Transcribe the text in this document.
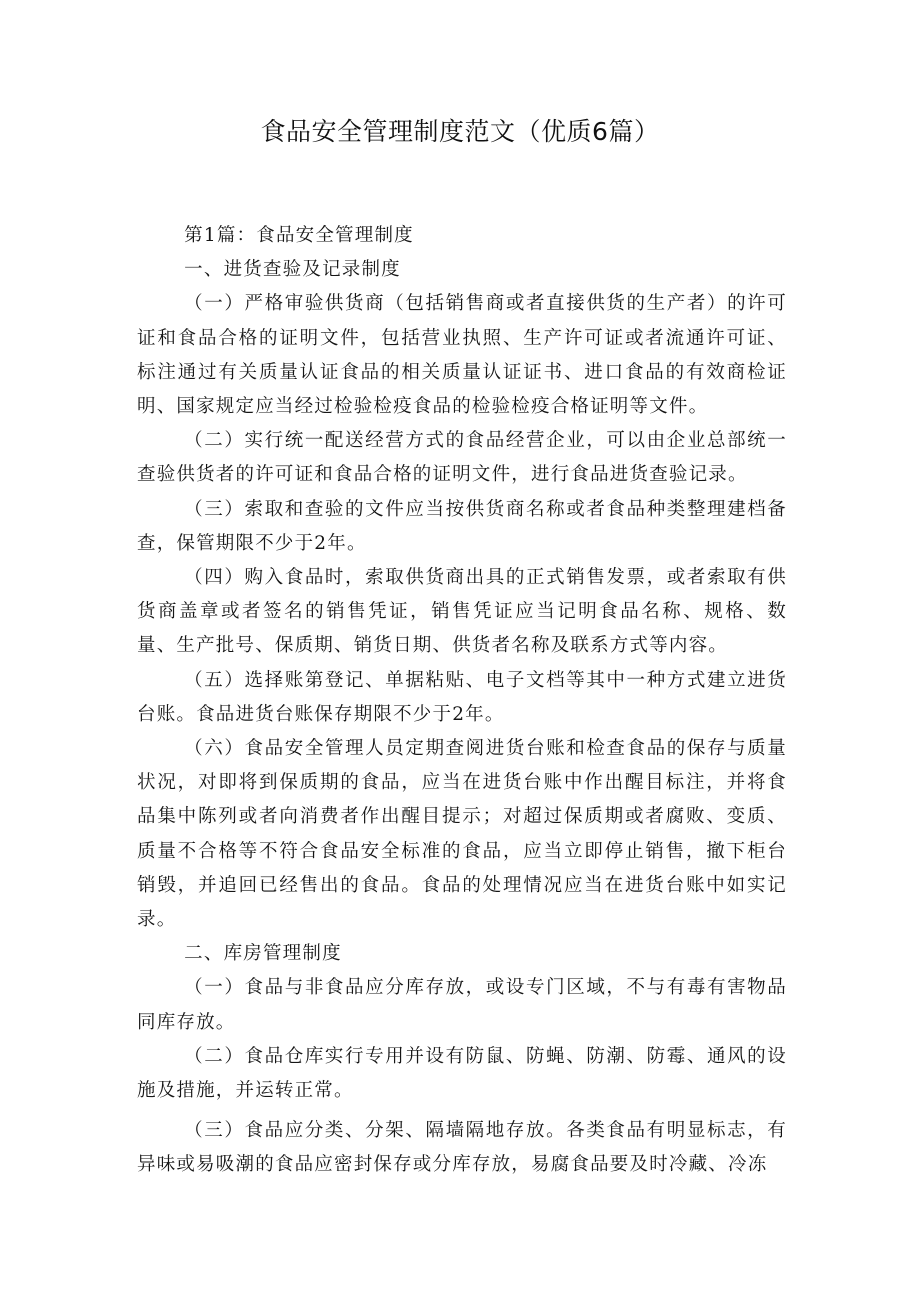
食品安全管理制度范文（优质6篇）

第1篇：食品安全管理制度

一、进货查验及记录制度

（一）严格审验供货商（包括销售商或者直接供货的生产者）的许可证和食品合格的证明文件，包括营业执照、生产许可证或者流通许可证、标注通过有关质量认证食品的相关质量认证证书、进口食品的有效商检证明、国家规定应当经过检验检疫食品的检验检疫合格证明等文件。

（二）实行统一配送经营方式的食品经营企业，可以由企业总部统一查验供货者的许可证和食品合格的证明文件，进行食品进货查验记录。

（三）索取和查验的文件应当按供货商名称或者食品种类整理建档备查，保管期限不少于2年。

（四）购入食品时，索取供货商出具的正式销售发票，或者索取有供货商盖章或者签名的销售凭证，销售凭证应当记明食品名称、规格、数量、生产批号、保质期、销货日期、供货者名称及联系方式等内容。

（五）选择账第登记、单据粘贴、电子文档等其中一种方式建立进货台账。食品进货台账保存期限不少于2年。

（六）食品安全管理人员定期查阅进货台账和检查食品的保存与质量状况，对即将到保质期的食品，应当在进货台账中作出醒目标注，并将食品集中陈列或者向消费者作出醒目提示；对超过保质期或者腐败、变质、质量不合格等不符合食品安全标准的食品，应当立即停止销售，撤下柜台销毁，并追回已经售出的食品。食品的处理情况应当在进货台账中如实记录。

二、库房管理制度

（一）食品与非食品应分库存放，或设专门区域，不与有毒有害物品同库存放。

（二）食品仓库实行专用并设有防鼠、防蝇、防潮、防霉、通风的设施及措施，并运转正常。

（三）食品应分类、分架、隔墙隔地存放。各类食品有明显标志，有异味或易吸潮的食品应密封保存或分库存放，易腐食品要及时冷藏、冷冻
